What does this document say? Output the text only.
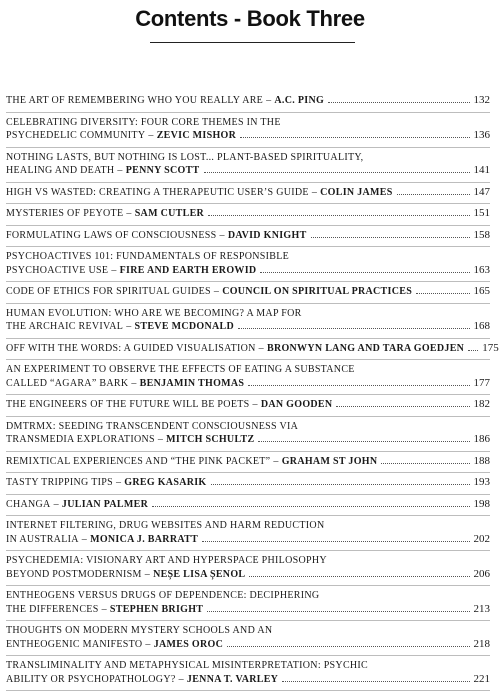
Contents - Book Three
THE ART OF REMEMBERING WHO YOU REALLY ARE – A.C. PING	132
CELEBRATING DIVERSITY: FOUR CORE THEMES IN THE
PSYCHEDELIC COMMUNITY – ZEVIC MISHOR	136
NOTHING LASTS, BUT NOTHING IS LOST... PLANT-BASED SPIRITUALITY,
HEALING AND DEATH – PENNY SCOTT	141
HIGH VS WASTED: CREATING A THERAPEUTIC USER’S GUIDE – COLIN JAMES	147
MYSTERIES OF PEYOTE – SAM CUTLER	151
FORMULATING LAWS OF CONSCIOUSNESS – DAVID KNIGHT	158
PSYCHOACTIVES 101: FUNDAMENTALS OF RESPONSIBLE
PSYCHOACTIVE USE – FIRE AND EARTH EROWID	163
CODE OF ETHICS FOR SPIRITUAL GUIDES – COUNCIL ON SPIRITUAL PRACTICES	165
HUMAN EVOLUTION: WHO ARE WE BECOMING? A MAP FOR
THE ARCHAIC REVIVAL – STEVE MCDONALD	168
OFF WITH THE WORDS: A GUIDED VISUALISATION – BRONWYN LANG AND TARA GOEDJEN 175
AN EXPERIMENT TO OBSERVE THE EFFECTS OF EATING A SUBSTANCE
CALLED “AGARA” BARK – BENJAMIN THOMAS	177
THE ENGINEERS OF THE FUTURE WILL BE POETS – DAN GOODEN	182
DMTRMX: SEEDING TRANSCENDENT CONSCIOUSNESS VIA
TRANSMEDIA EXPLORATIONS – MITCH SCHULTZ	186
REMIXTICAL EXPERIENCES AND “THE PINK PACKET” – GRAHAM ST JOHN	188
TASTY TRIPPING TIPS – GREG KASARIK	193
CHANGA – JULIAN PALMER	198
INTERNET FILTERING, DRUG WEBSITES AND HARM REDUCTION
IN AUSTRALIA – MONICA J. BARRATT	202
PSYCHEDEMIA: VISIONARY ART AND HYPERSPACE PHILOSOPHY
BEYOND POSTMODERNISM – NEȘE LISA ȘENOL	206
ENTHEOGENS VERSUS DRUGS OF DEPENDENCE: DECIPHERING
THE DIFFERENCES – STEPHEN BRIGHT	213
THOUGHTS ON MODERN MYSTERY SCHOOLS AND AN
ENTHEOGENIC MANIFESTO – JAMES OROC	218
TRANSLIMINALITY AND METAPHYSICAL MISINTERPRETATION: PSYCHIC
ABILITY OR PSYCHOPATHOLOGY? – JENNA T. VARLEY	221
